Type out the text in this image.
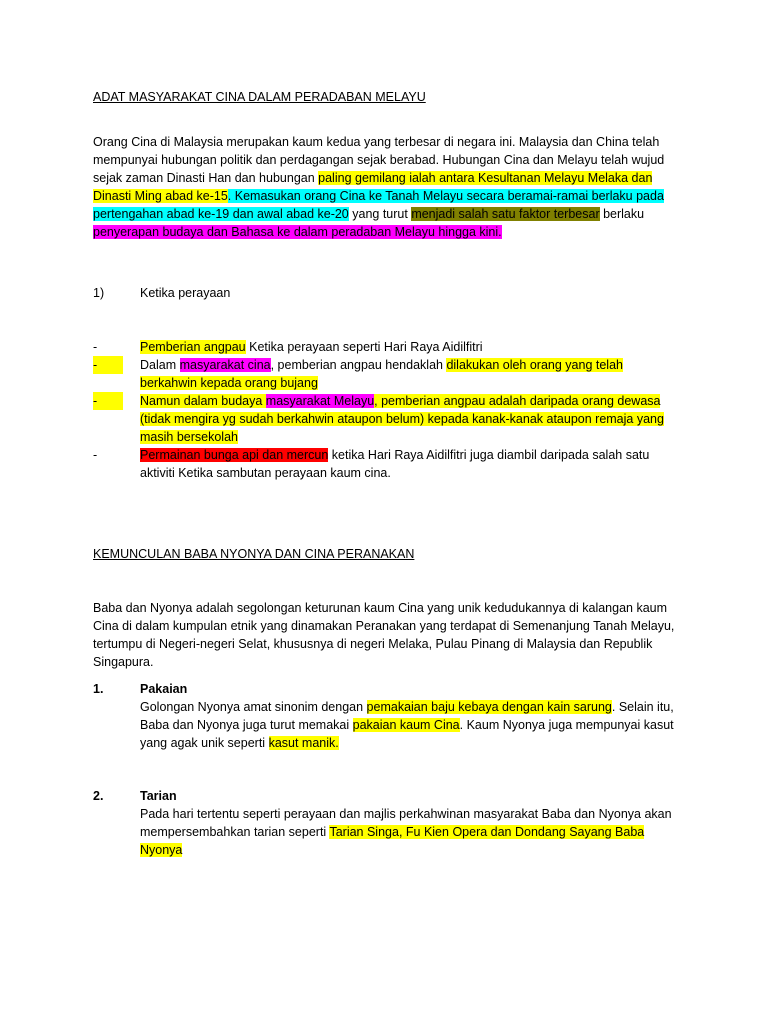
ADAT MASYARAKAT CINA DALAM PERADABAN MELAYU
Orang Cina di Malaysia merupakan kaum kedua yang terbesar di negara ini. Malaysia dan China telah mempunyai hubungan politik dan perdagangan sejak berabad. Hubungan Cina dan Melayu telah wujud sejak zaman Dinasti Han dan hubungan paling gemilang ialah antara Kesultanan Melayu Melaka dan Dinasti Ming abad ke-15. Kemasukan orang Cina ke Tanah Melayu secara beramai-ramai berlaku pada pertengahan abad ke-19 dan awal abad ke-20 yang turut menjadi salah satu faktor terbesar berlaku penyerapan budaya dan Bahasa ke dalam peradaban Melayu hingga kini.
1)	Ketika perayaan
-	Pemberian angpau Ketika perayaan seperti Hari Raya Aidilfitri
-	Dalam masyarakat cina, pemberian angpau hendaklah dilakukan oleh orang yang telah berkahwin kepada orang bujang
-	Namun dalam budaya masyarakat Melayu, pemberian angpau adalah daripada orang dewasa (tidak mengira yg sudah berkahwin ataupon belum) kepada kanak-kanak ataupon remaja yang masih bersekolah
-	Permainan bunga api dan mercun ketika Hari Raya Aidilfitri juga diambil daripada salah satu aktiviti Ketika sambutan perayaan kaum cina.
KEMUNCULAN BABA NYONYA DAN CINA PERANAKAN
Baba dan Nyonya adalah segolongan keturunan kaum Cina yang unik kedudukannya di kalangan kaum Cina di dalam kumpulan etnik yang dinamakan Peranakan yang terdapat di Semenanjung Tanah Melayu, tertumpu di Negeri-negeri Selat, khususnya di negeri Melaka, Pulau Pinang di Malaysia dan Republik Singapura.
1.	Pakaian
Golongan Nyonya amat sinonim dengan pemakaian baju kebaya dengan kain sarung. Selain itu, Baba dan Nyonya juga turut memakai pakaian kaum Cina. Kaum Nyonya juga mempunyai kasut yang agak unik seperti kasut manik.
2.	Tarian
Pada hari tertentu seperti perayaan dan majlis perkahwinan masyarakat Baba dan Nyonya akan mempersembahkan tarian seperti Tarian Singa, Fu Kien Opera dan Dondang Sayang Baba Nyonya
